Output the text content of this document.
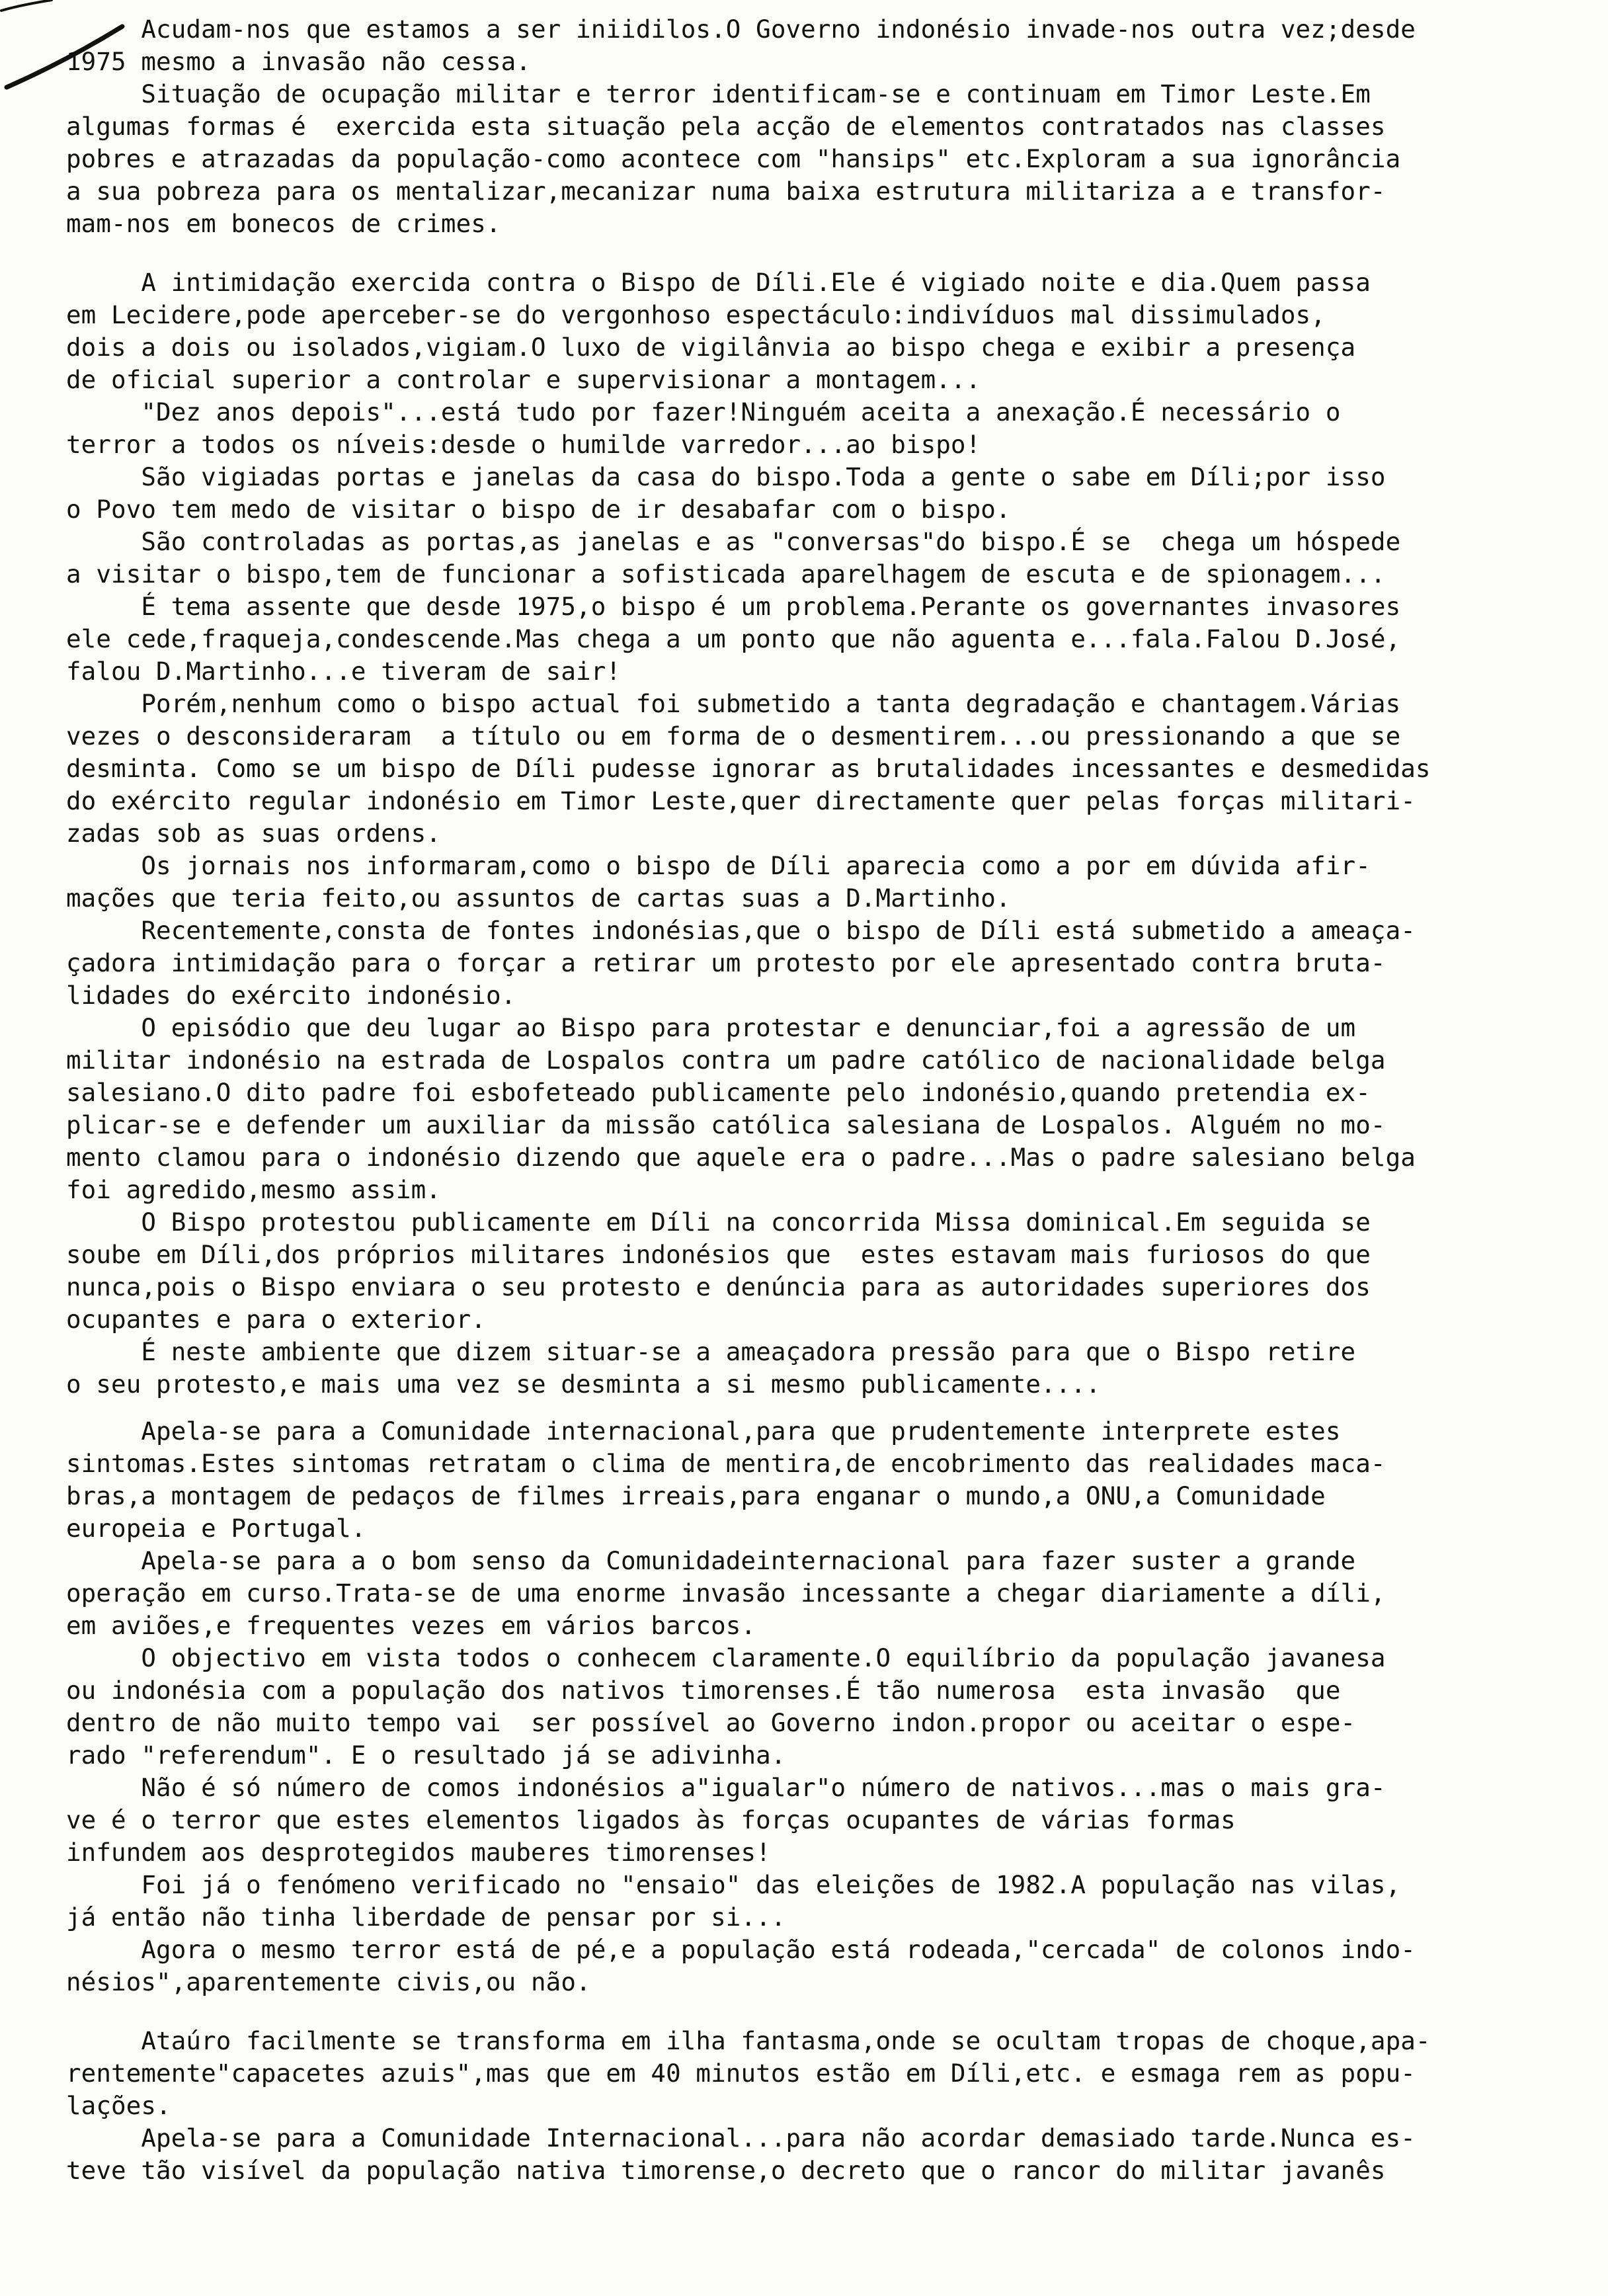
Acudam-nos que estamos a ser iniidilos.O Governo indonésio invade-nos outra vez;desde
1975 mesmo a invasão não cessa.
Situação de ocupação militar e terror identificam-se e continuam em Timor Leste.Em
algumas formas é  exercida esta situação pela acção de elementos contratados nas classes
pobres e atrazadas da população-como acontece com "hansips" etc.Exploram a sua ignorância
a sua pobreza para os mentalizar,mecanizar numa baixa estrutura militariza a e transfor-
mam-nos em bonecos de crimes.
A intimidação exercida contra o Bispo de Díli.Ele é vigiado noite e dia.Quem passa
em Lecidere,pode aperceber-se do vergonhoso espectáculo:indivíduos mal dissimulados,
dois a dois ou isolados,vigiam.O luxo de vigilânvia ao bispo chega e exibir a presença
de oficial superior a controlar e supervisionar a montagem...
"Dez anos depois"...está tudo por fazer!Ninguém aceita a anexação.É necessário o
terror a todos os níveis:desde o humilde varredor...ao bispo!
São vigiadas portas e janelas da casa do bispo.Toda a gente o sabe em Díli;por isso
o Povo tem medo de visitar o bispo de ir desabafar com o bispo.
São controladas as portas,as janelas e as "conversas"do bispo.É se  chega um hóspede
a visitar o bispo,tem de funcionar a sofisticada aparelhagem de escuta e de spionagem...
É tema assente que desde 1975,o bispo é um problema.Perante os governantes invasores
ele cede,fraqueja,condescende.Mas chega a um ponto que não aguenta e...fala.Falou D.José,
falou D.Martinho...e tiveram de sair!
Porém,nenhum como o bispo actual foi submetido a tanta degradação e chantagem.Várias
vezes o desconsideraram  a título ou em forma de o desmentirem...ou pressionando a que se
desminta. Como se um bispo de Díli pudesse ignorar as brutalidades incessantes e desmedidas
do exército regular indonésio em Timor Leste,quer directamente quer pelas forças militari-
zadas sob as suas ordens.
Os jornais nos informaram,como o bispo de Díli aparecia como a por em dúvida afir-
mações que teria feito,ou assuntos de cartas suas a D.Martinho.
Recentemente,consta de fontes indonésias,que o bispo de Díli está submetido a ameaça-
çadora intimidação para o forçar a retirar um protesto por ele apresentado contra bruta-
lidades do exército indonésio.
O episódio que deu lugar ao Bispo para protestar e denunciar,foi a agressão de um
militar indonésio na estrada de Lospalos contra um padre católico de nacionalidade belga
salesiano.O dito padre foi esbofeteado publicamente pelo indonésio,quando pretendia ex-
plicar-se e defender um auxiliar da missão católica salesiana de Lospalos. Alguém no mo-
mento clamou para o indonésio dizendo que aquele era o padre...Mas o padre salesiano belga
foi agredido,mesmo assim.
O Bispo protestou publicamente em Díli na concorrida Missa dominical.Em seguida se
soube em Díli,dos próprios militares indonésios que  estes estavam mais furiosos do que
nunca,pois o Bispo enviara o seu protesto e denúncia para as autoridades superiores dos
ocupantes e para o exterior.
É neste ambiente que dizem situar-se a ameaçadora pressão para que o Bispo retire
o seu protesto,e mais uma vez se desminta a si mesmo publicamente....
Apela-se para a Comunidade internacional,para que prudentemente interprete estes
sintomas.Estes sintomas retratam o clima de mentira,de encobrimento das realidades maca-
bras,a montagem de pedaços de filmes irreais,para enganar o mundo,a ONU,a Comunidade
europeia e Portugal.
Apela-se para a o bom senso da Comunidadeinternacional para fazer suster a grande
operação em curso.Trata-se de uma enorme invasão incessante a chegar diariamente a díli,
em aviões,e frequentes vezes em vários barcos.
O objectivo em vista todos o conhecem claramente.O equilíbrio da população javanesa
ou indonésia com a população dos nativos timorenses.É tão numerosa  esta invasão  que
dentro de não muito tempo vai  ser possível ao Governo indon.propor ou aceitar o espe-
rado "referendum". E o resultado já se adivinha.
Não é só número de comos indonésios a"igualar"o número de nativos...mas o mais gra-
ve é o terror que estes elementos ligados às forças ocupantes de várias formas
infundem aos desprotegidos mauberes timorenses!
Foi já o fenómeno verificado no "ensaio" das eleições de 1982.A população nas vilas,
já então não tinha liberdade de pensar por si...
Agora o mesmo terror está de pé,e a população está rodeada,"cercada" de colonos indo-
nésios",aparentemente civis,ou não.
Ataúro facilmente se transforma em ilha fantasma,onde se ocultam tropas de choque,apa-
rentemente"capacetes azuis",mas que em 40 minutos estão em Díli,etc. e esmaga rem as popu-
lações.
Apela-se para a Comunidade Internacional...para não acordar demasiado tarde.Nunca es-
teve tão visível da população nativa timorense,o decreto que o rancor do militar javanês
